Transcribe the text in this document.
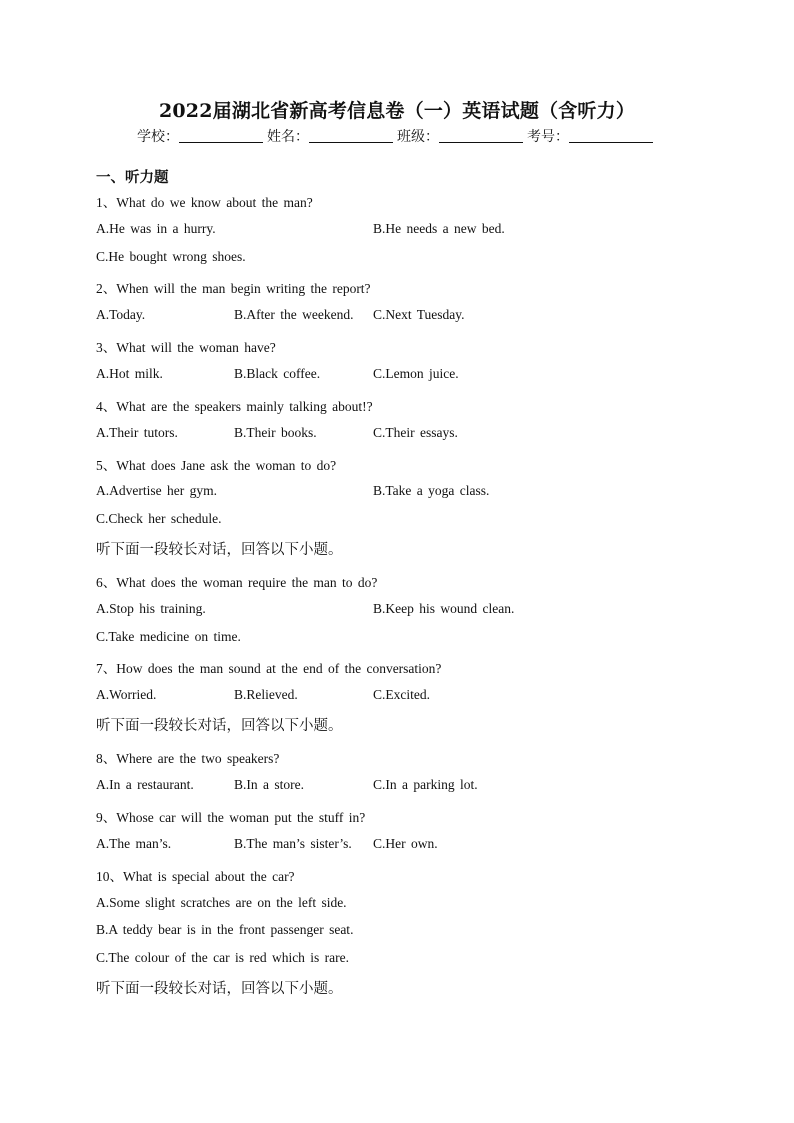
2022届湖北省新高考信息卷（一）英语试题（含听力）
学校：	姓名：	班级：	考号：
一、听力题
1、What do we know about the man?
A.He was in a hurry.	B.He needs a new bed.
C.He bought wrong shoes.
2、When will the man begin writing the report?
A.Today.	B.After the weekend. C.Next Tuesday.
3、What will the woman have?
A.Hot milk.	B.Black coffee.	C.Lemon juice.
4、What are the speakers mainly talking about!?
A.Their tutors.	B.Their books.	C.Their essays.
5、What does Jane ask the woman to do?
A.Advertise her gym.	B.Take a yoga class.
C.Check her schedule.
听下面一段较长对话，回答以下小题。
6、What does the woman require the man to do?
A.Stop his training.	B.Keep his wound clean.
C.Take medicine on time.
7、How does the man sound at the end of the conversation?
A.Worried.	B.Relieved.	C.Excited.
听下面一段较长对话，回答以下小题。
8、Where are the two speakers?
A.In a restaurant.	B.In a store.	C.In a parking lot.
9、Whose car will the woman put the stuff in?
A.The man’s.	B.The man’s sister’s. C.Her own.
10、What is special about the car?
A.Some slight scratches are on the left side.
B.A teddy bear is in the front passenger seat.
C.The colour of the car is red which is rare.
听下面一段较长对话，回答以下小题。
